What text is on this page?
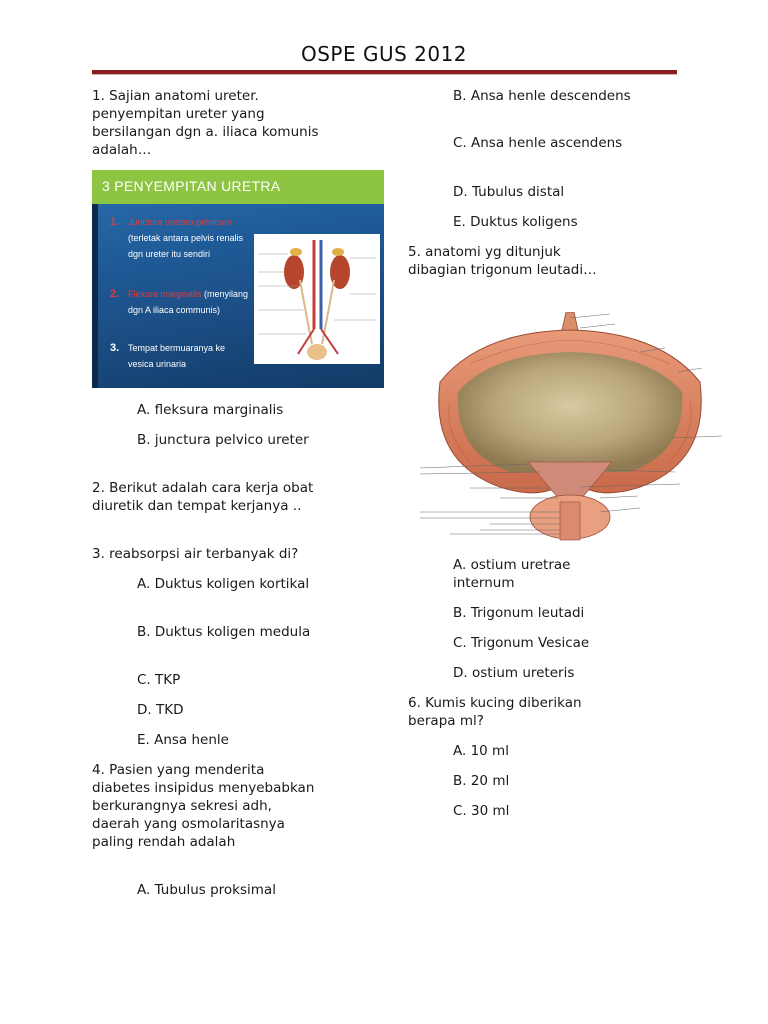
OSPE GUS 2012
1. Sajian anatomi ureter. penyempitan ureter yang bersilangan dgn a. iliaca komunis adalah…
3 PENYEMPITAN URETRA
1. Junctura uretero pelvicum (terletak antara pelvis renalis dgn ureter itu sendiri
2. Flexura marginalis (menyilang dgn A iliaca communis)
3. Tempat bermuaranya ke vesica urinaria
A. fleksura marginalis
B. junctura pelvico ureter
2. Berikut adalah cara kerja obat diuretik dan tempat kerjanya ..
3. reabsorpsi air terbanyak di?
A. Duktus koligen kortikal
B. Duktus koligen medula
C. TKP
D. TKD
E. Ansa henle
4. Pasien yang menderita diabetes insipidus menyebabkan berkurangnya sekresi adh, daerah yang osmolaritasnya paling rendah adalah
A. Tubulus proksimal
B. Ansa henle descendens
C. Ansa henle ascendens
D. Tubulus distal
E. Duktus koligens
5. anatomi yg ditunjuk dibagian trigonum leutadi…
A. ostium uretrae internum
B. Trigonum leutadi
C. Trigonum Vesicae
D. ostium ureteris
6. Kumis kucing diberikan berapa ml?
A. 10 ml
B. 20 ml
C. 30 ml
